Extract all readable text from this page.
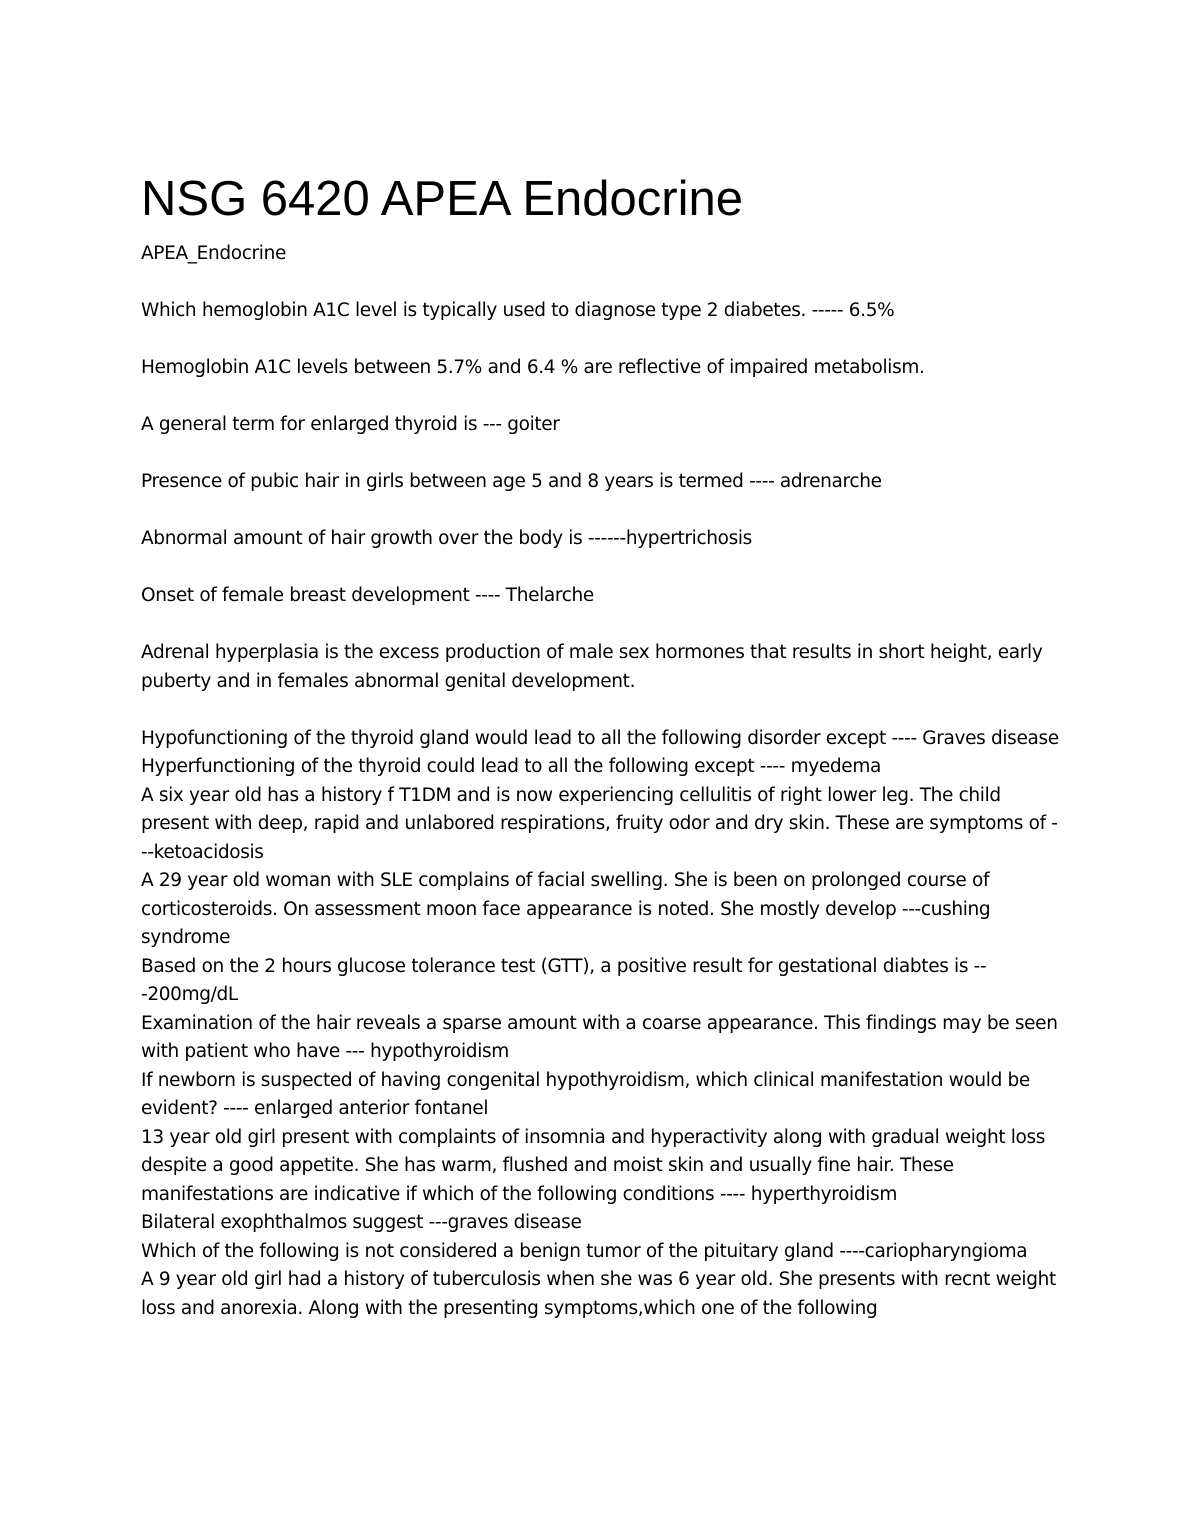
NSG 6420 APEA Endocrine

APEA_Endocrine

Which hemoglobin A1C level is typically used to diagnose type 2 diabetes. ----- 6.5%

Hemoglobin A1C levels between 5.7% and 6.4 % are reflective of impaired metabolism.

A general term for enlarged thyroid is --- goiter

Presence of pubic hair in girls between age 5 and 8 years is termed ---- adrenarche

Abnormal amount of hair growth over the body is ------hypertrichosis

Onset of female breast development ---- Thelarche

Adrenal hyperplasia is the excess production of male sex hormones that results in short height, early puberty and in females abnormal genital development.

Hypofunctioning of the thyroid gland would lead to all the following disorder except ---- Graves disease

Hyperfunctioning of the thyroid could lead to all the following except ---- myedema

A six year old has a history f T1DM and is now experiencing cellulitis of right lower leg. The child present with deep, rapid and unlabored respirations, fruity odor and dry skin. These are symptoms of ---ketoacidosis

A 29 year old woman with SLE complains of facial swelling. She is been on prolonged course of corticosteroids. On assessment moon face appearance is noted. She mostly develop ---cushing syndrome

Based on the 2 hours glucose tolerance test (GTT), a positive result for gestational diabtes is ---200mg/dL

Examination of the hair reveals a sparse amount with a coarse appearance. This findings may be seen with patient who have --- hypothyroidism

If newborn is suspected of having congenital hypothyroidism, which clinical manifestation would be evident? ---- enlarged anterior fontanel

13 year old girl present with complaints of insomnia and hyperactivity along with gradual weight loss despite a good appetite. She has warm, flushed and moist skin and usually fine hair. These manifestations are indicative if which of the following conditions ---- hyperthyroidism

Bilateral exophthalmos suggest ---graves disease

Which of the following is not considered a benign tumor of the pituitary gland ----cariopharyngioma

A 9 year old girl had a history of tuberculosis when she was 6 year old. She presents with recnt weight loss and anorexia. Along with the presenting symptoms,which one of the following
